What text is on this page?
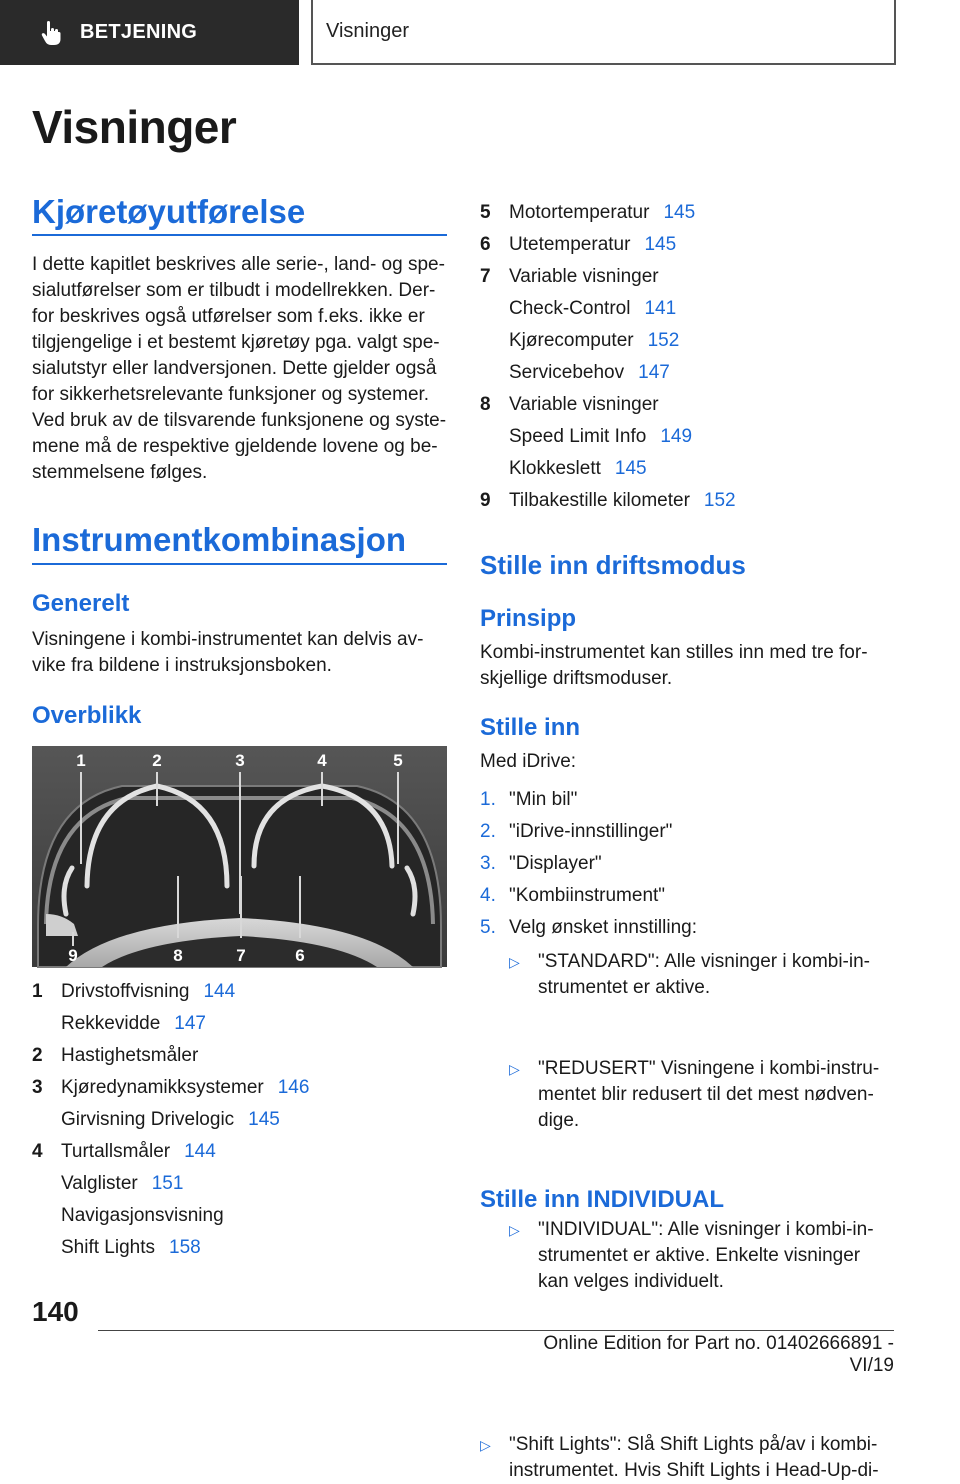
BETJENING	Visninger
Visninger
Kjøretøyutførelse
I dette kapitlet beskrives alle serie-, land- og spe-
sialutførelser som er tilbudt i modellrekken. Der-
for beskrives også utførelser som f.eks. ikke er
tilgjengelige i et bestemt kjøretøy pga. valgt spe-
sialutstyr eller landversjonen. Dette gjelder også
for sikkerhetsrelevante funksjoner og systemer.
Ved bruk av de tilsvarende funksjonene og syste-
mene må de respektive gjeldende lovene og be-
stemmelsene følges.
Instrumentkombinasjon
Generelt
Visningene i kombi-instrumentet kan delvis av-
vike fra bildene i instruksjonsboken.
Overblikk
1	2	3	4	5
9	8	7	6
1 Drivstoffvisning 144
Rekkevidde 147
2 Hastighetsmåler
3 Kjøredynamikksystemer 146
Girvisning Drivelogic 145
4 Turtallsmåler 144
Valglister 151
Navigasjonsvisning
Shift Lights 158
5 Motortemperatur 145
6 Utetemperatur 145
7 Variable visninger
Check-Control 141
Kjørecomputer 152
Servicebehov 147
8 Variable visninger
Speed Limit Info 149
Klokkeslett 145
9 Tilbakestille kilometer 152
Stille inn driftsmodus
Prinsipp
Kombi-instrumentet kan stilles inn med tre for-
skjellige driftsmoduser.
Stille inn
Med iDrive:
1. "Min bil"
2. "iDrive-innstillinger"
3. "Displayer"
4. "Kombiinstrument"
5. Velg ønsket innstilling:
▷ "STANDARD": Alle visninger i kombi-in-
strumentet er aktive.
▷ "REDUSERT" Visningene i kombi-instru-
mentet blir redusert til det mest nødven-
dige.
▷ "INDIVIDUAL": Alle visninger i kombi-in-
strumentet er aktive. Enkelte visninger
kan velges individuelt.
Stille inn INDIVIDUAL
▷ "Shift Lights": Slå Shift Lights på/av i kombi-
instrumentet. Hvis Shift Lights i Head-Up-di-
140
Online Edition for Part no. 01402666891 - VI/19
